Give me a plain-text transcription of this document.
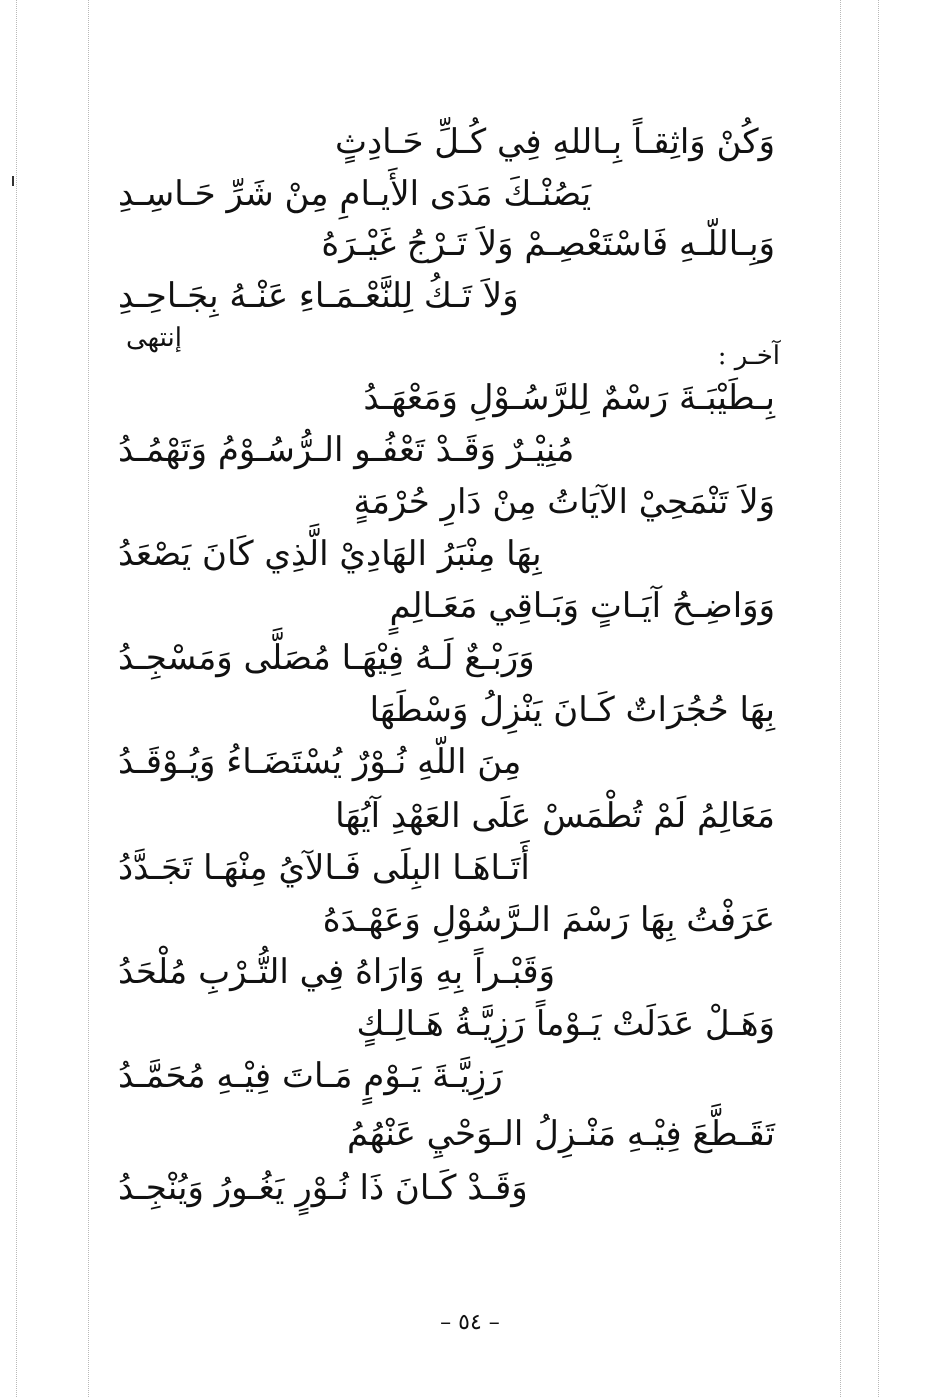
وَكُنْ وَاثِقـاً بِـاللهِ فِي كُـلِّ حَـادِثٍ
يَصُنْـكَ مَدَى الأَيـامِ مِنْ شَرِّ حَـاسِـدِ
وَبِـاللّـهِ فَاسْتَعْصِـمْ وَلاَ تَـرْجُ غَيْـرَهُ
وَلاَ تَـكُ لِلنَّعْـمَـاءِ عَنْـهُ بِجَـاحِـدِ
إنتهى
آخـر :
بِـطَيْبَـةَ رَسْمٌ لِلرَّسُـوْلِ وَمَعْهَـدُ
مُنِيْـرٌ وَقَـدْ تَعْفُـو الـرُّسُـوْمُ وَتَهْمُـدُ
وَلاَ تَنْمَحِيْ الآيَاتُ مِنْ دَارِ حُرْمَةٍ
بِهَا مِنْبَرُ الهَادِيْ الَّذِي كَانَ يَصْعَدُ
وَوَاضِـحُ آيَـاتٍ وَبَـاقِي مَعَـالِمٍ
وَرَبْـعٌ لَـهُ فِيْهَـا مُصَلَّى وَمَسْجِـدُ
بِهَا حُجُرَاتٌ كَـانَ يَنْزِلُ وَسْطَهَا
مِنَ اللّهِ نُـوْرٌ يُسْتَضَـاءُ وَيُـوْقَـدُ
مَعَالِمُ لَمْ تُطْمَسْ عَلَى العَهْدِ آيُهَا
أَتَـاهَـا البِلَى فَـالآيُ مِنْهَـا تَجَـدَّدُ
عَرَفْتُ بِهَا رَسْمَ الـرَّسُوْلِ وَعَهْـدَهُ
وَقَبْـراً بِهِ وَارَاهُ فِي التُّـرْبِ مُلْحَدُ
وَهَـلْ عَدَلَتْ يَـوْماً رَزِيَّـةُ هَـالِـكٍ
رَزِيَّـةَ يَـوْمٍ مَـاتَ فِيْـهِ مُحَمَّـدُ
تَقَـطَّعَ فِيْـهِ مَنْـزِلُ الـوَحْيِ عَنْهُمُ
وَقَـدْ كَـانَ ذَا نُـوْرٍ يَغُـورُ وَيُنْجِـدُ
– ٥٤ –
